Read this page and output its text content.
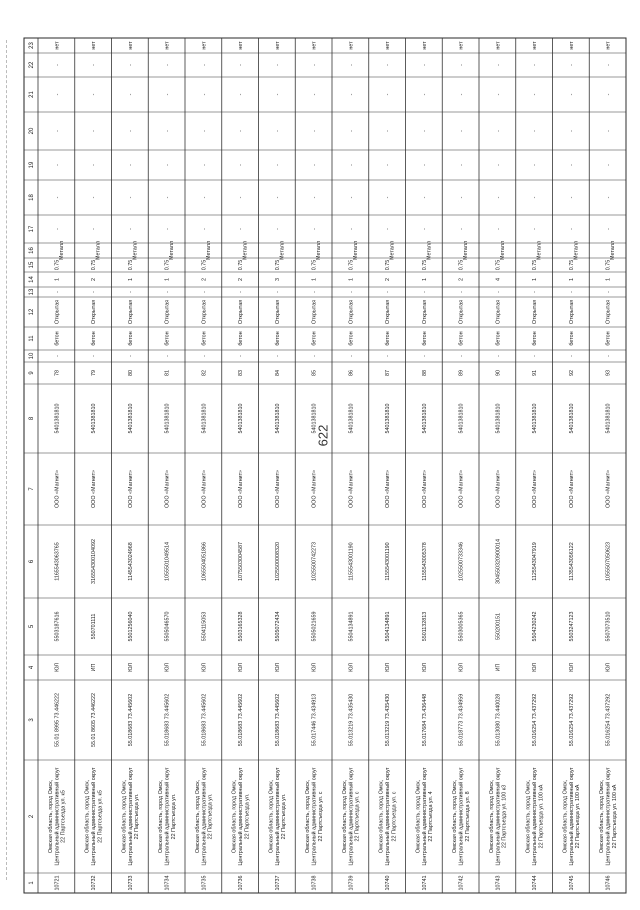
1
2
3
4
5
6
7
8
9
10
11
12
13
14
15
16
17
18
19
20
21
22
23
10721
Омская область, город Омск,Центральный административный округ22 Партсъезда ул. к5
55.01 8995 73.446222
ЮЛ
5503187616
1165543063765
ООО «Магнит»
5401381810
78
-
бетон
Открытая
-
1
0.75
Металл
-
-
-
-
-
-
нет
10732
Омская область, город Омск,Центральный административный округ22 Партсъезда ул. к5
55.01 8605 73.446222
ИП
550701111
316554300104092
ООО «Магнит»
5401381810
79
-
бетон
Открытая
-
2
0.75
Металл
-
-
-
-
-
-
нет
10733
Омская область, город Омск,Центральный административный округ22 Партсъезда ул.
55.018683 73.445602
ЮЛ
5501256040
1145543024968
ООО «Магнит»
5401381810
80
-
бетон
Открытая
-
1
0.75
Металл
-
-
-
-
-
-
нет
10734
Омская область, город Омск,Центральный административный округ22 Партсъезда ул.
55.018683 73.445602
ЮЛ
5505046570
1055501049514
ООО «Магнит»
5401381810
81
-
бетон
Открытая
-
1
0.75
Металл
-
-
-
-
-
-
нет
10735
Омская область, город Омск,Центральный административный округ22 Партсъезда ул.
55.018683 73.445602
ЮЛ
5504115053
1065504051866
ООО «Магнит»
5401381810
82
-
бетон
Открытая
-
2
0.75
Металл
-
-
-
-
-
-
нет
10736
Омская область, город Омск,Центральный административный округ22 Партсъезда ул.
55.018683 73.445602
ЮЛ
5503165328
1075503004587
ООО «Магнит»
5401381810
83
-
бетон
Открытая
-
2
0.75
Металл
-
-
-
-
-
-
нет
10737
Омская область, город Омск,Центральный административный округ22 Партсъезда ул.
55.018683 73.445602
ЮЛ
5505072434
1025500008320
ООО «Магнит»
5401381810
84
-
бетон
Открытая
-
3
0.75
Металл
-
-
-
-
-
-
нет
10738
Омская область, город Омск,Центральный административный округ22 Партсъезда ул. с
55.017446 73.434913
ЮЛ
5505021659
1025500742273
ООО «Магнит»
5401381810
85
-
бетон
Открытая
-
1
0.75
Металл
-
-
-
-
-
-
нет
10739
Омская область, город Омск,Центральный административный округ22 Партсъезда ул. с
55.013219 73.435430
ЮЛ
5504134891
1155543001190
ООО «Магнит»
5401381810
86
-
бетон
Открытая
-
1
0.75
Металл
-
-
-
-
-
-
нет
10740
Омская область, город Омск,Центральный административный округ22 Партсъезда ул. с
55.013219 73.435430
ЮЛ
5504134891
1155543001190
ООО «Магнит»
5401381810
87
-
бетон
Открытая
-
2
0.75
Металл
-
-
-
-
-
-
нет
10741
Омская область, город Омск,Центральный административный округ22 Партсъезда ул. 4
55.017684 73.436448
ЮЛ
5501132813
1155543005378
ООО «Магнит»
5401381810
88
-
бетон
Открытая
-
1
0.75
Металл
-
-
-
-
-
-
нет
10742
Омская область, город Омск,Центральный административный округ22 Партсъезда ул. 8
55.018773 73.434959
ЮЛ
5503005365
1025500733346
ООО «Магнит»
5401381810
89
-
бетон
Открытая
-
2
0.75
Металл
-
-
-
-
-
-
нет
10743
Омская область, город Омск,Центральный административный округ22 Партсъезда ул. 100 к3
55.013080 73.440028
ИП
550200151
304550320900014
ООО «Магнит»
5401381810
90
-
бетон
Открытая
-
4
0.75
Металл
-
-
-
-
-
-
нет
10744
Омская область, город Омск,Центральный административный округ22 Партсъезда ул. 100 кА
55.016254 73.437292
ЮЛ
5504230242
1125543047919
ООО «Магнит»
5401381810
91
-
бетон
Открытая
-
1
0.75
Металл
-
-
-
-
-
-
нет
10745
Омская область, город Омск,Центральный административный округ22 Партсъезда ул. 100 кА
55.016254 73.437292
ЮЛ
5503247123
1135543056122
ООО «Магнит»
5401381810
92
-
бетон
Открытая
-
1
0.75
Металл
-
-
-
-
-
-
нет
10746
Омская область, город Омск,Центральный административный округ22 Партсъезда ул. 100 кА
55.016254 73.437292
ЮЛ
5507073510
1055507050623
ООО «Магнит»
5401381810
93
-
бетон
Открытая
-
1
0.75
Металл
-
-
-
-
-
-
нет
622
